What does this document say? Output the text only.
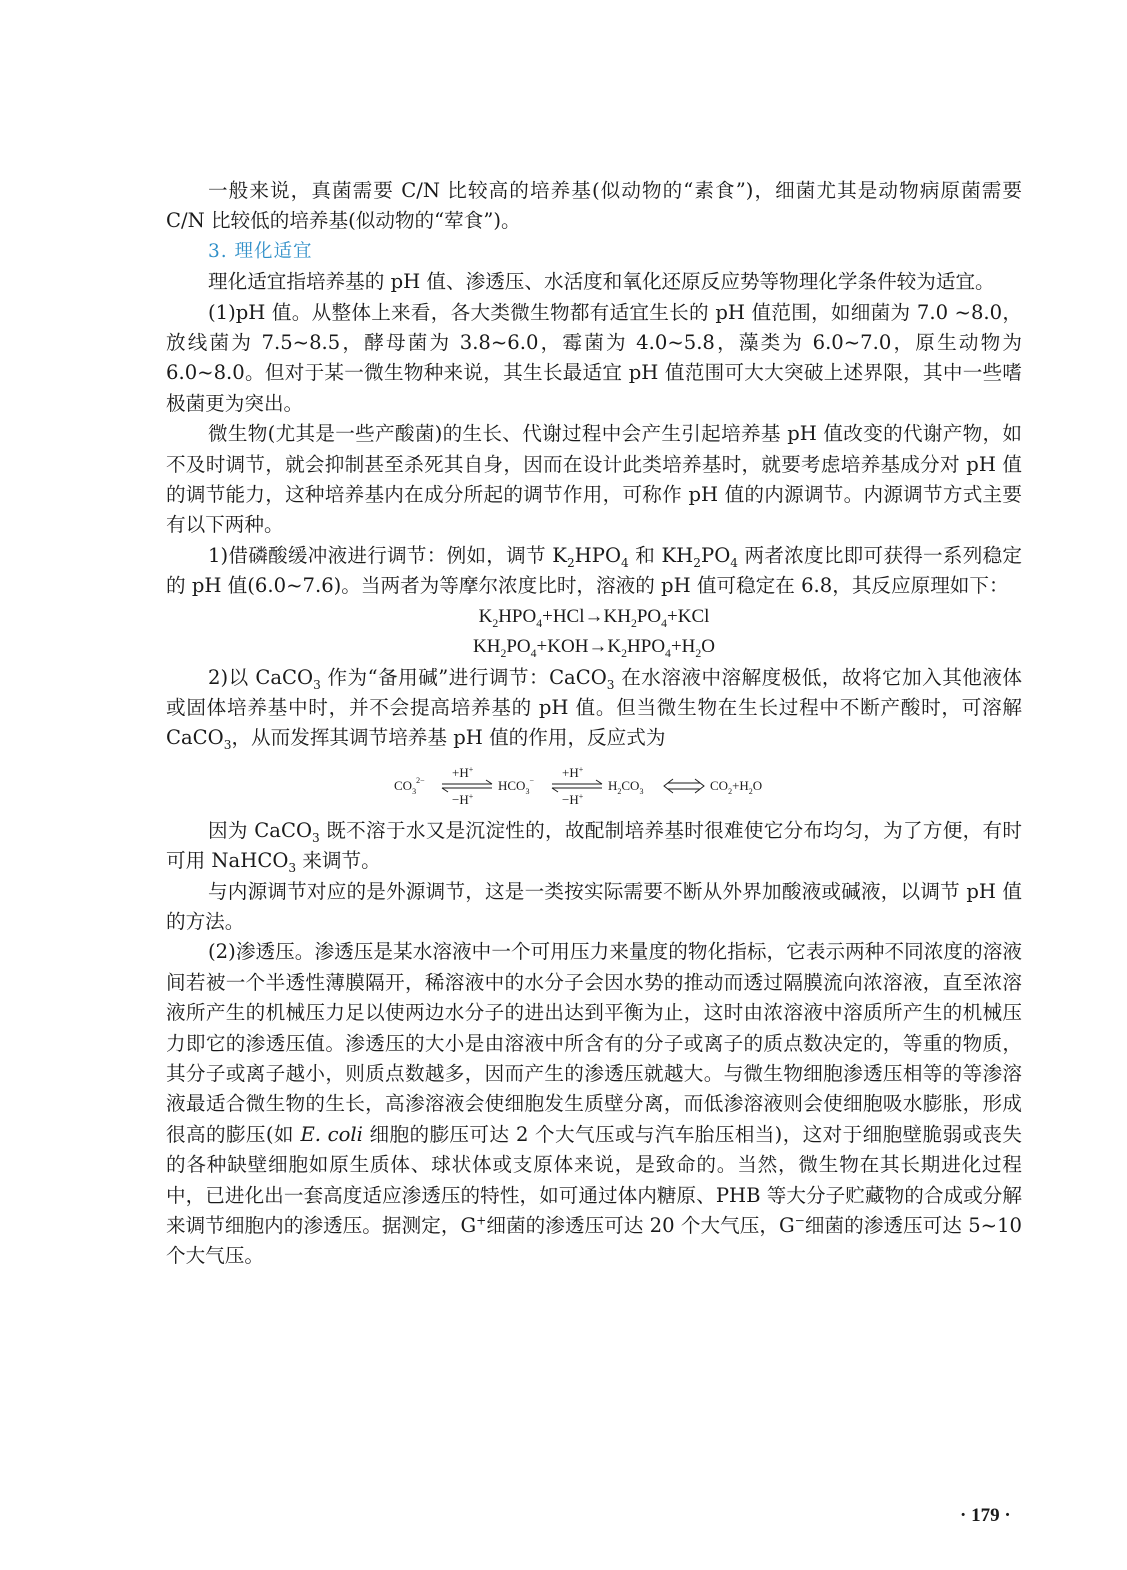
一般来说，真菌需要 C/N 比较高的培养基(似动物的“素食”)，细菌尤其是动物病原菌需要 C/N 比较低的培养基(似动物的“荤食”)。

3. 理化适宜

理化适宜指培养基的 pH 值、渗透压、水活度和氧化还原反应势等物理化学条件较为适宜。

(1)pH 值。从整体上来看，各大类微生物都有适宜生长的 pH 值范围，如细菌为 7.0 ~8.0，放线菌为 7.5~8.5，酵母菌为 3.8~6.0，霉菌为 4.0~5.8，藻类为 6.0~7.0，原生动物为 6.0~8.0。但对于某一微生物种来说，其生长最适宜 pH 值范围可大大突破上述界限，其中一些嗜极菌更为突出。

微生物(尤其是一些产酸菌)的生长、代谢过程中会产生引起培养基 pH 值改变的代谢产物，如不及时调节，就会抑制甚至杀死其自身，因而在设计此类培养基时，就要考虑培养基成分对 pH 值的调节能力，这种培养基内在成分所起的调节作用，可称作 pH 值的内源调节。内源调节方式主要有以下两种。

1)借磷酸缓冲液进行调节：例如，调节 $K_2HPO_4$ 和 $KH_2PO_4$ 两者浓度比即可获得一系列稳定的 pH 值(6.0~7.6)。当两者为等摩尔浓度比时，溶液的 pH 值可稳定在 6.8，其反应原理如下：

$K_2HPO_4+HCl\to KH_2PO_4+KCl$

$KH_2PO_4+KOH\to K_2HPO_4+H_2O$

2)以 CaCO$_3$ 作为“备用碱”进行调节：CaCO$_3$ 在水溶液中溶解度极低，故将它加入其他液体或固体培养基中时，并不会提高培养基的 pH 值。但当微生物在生长过程中不断产酸时，可溶解 CaCO$_3$，从而发挥其调节培养基 pH 值的作用，反应式为

$CO_3^{2-}$
+H+
−H+
$HCO_3^-$
+H+
−H+
$H_2CO_3$	$CO_2+H_2O$

因为 CaCO$_3$ 既不溶于水又是沉淀性的，故配制培养基时很难使它分布均匀，为了方便，有时可用 NaHCO$_3$ 来调节。

与内源调节对应的是外源调节，这是一类按实际需要不断从外界加酸液或碱液，以调节 pH 值的方法。

(2)渗透压。渗透压是某水溶液中一个可用压力来量度的物化指标，它表示两种不同浓度的溶液间若被一个半透性薄膜隔开，稀溶液中的水分子会因水势的推动而透过隔膜流向浓溶液，直至浓溶液所产生的机械压力足以使两边水分子的进出达到平衡为止，这时由浓溶液中溶质所产生的机械压力即它的渗透压值。渗透压的大小是由溶液中所含有的分子或离子的质点数决定的，等重的物质，其分子或离子越小，则质点数越多，因而产生的渗透压就越大。与微生物细胞渗透压相等的等渗溶液最适合微生物的生长，高渗溶液会使细胞发生质壁分离，而低渗溶液则会使细胞吸水膨胀，形成很高的膨压(如 E. coli 细胞的膨压可达 2 个大气压或与汽车胎压相当)，这对于细胞壁脆弱或丧失的各种缺壁细胞如原生质体、球状体或支原体来说，是致命的。当然，微生物在其长期进化过程中，已进化出一套高度适应渗透压的特性，如可通过体内糖原、PHB 等大分子贮藏物的合成或分解来调节细胞内的渗透压。据测定，G+细菌的渗透压可达 20 个大气压，G−细菌的渗透压可达 5~10 个大气压。

· 179 ·
